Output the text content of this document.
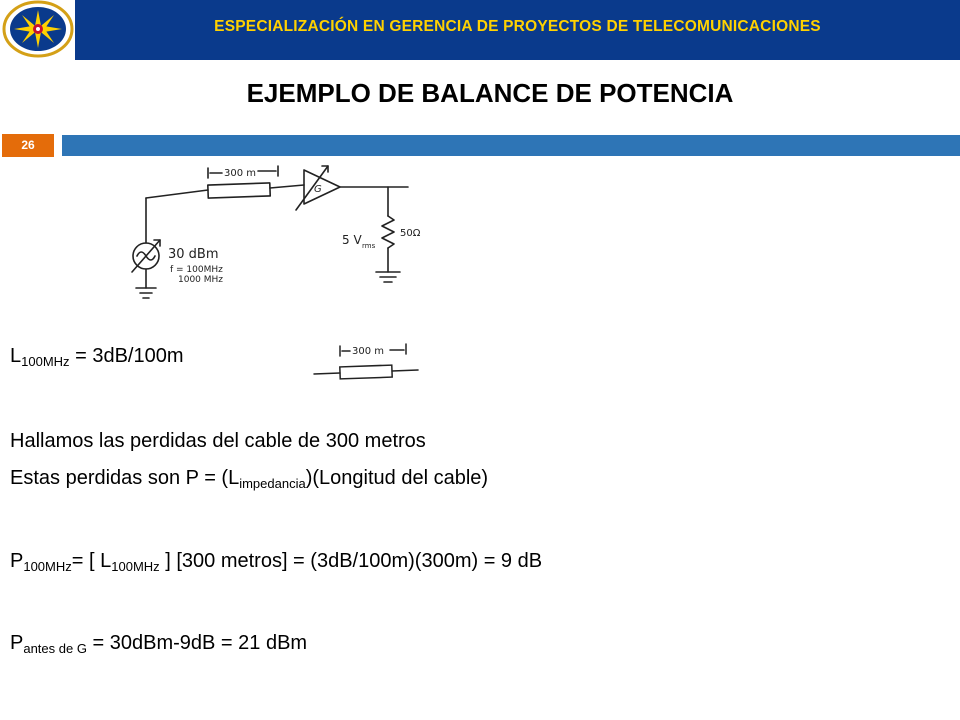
ESPECIALIZACIÓN EN GERENCIA DE PROYECTOS DE TELECOMUNICACIONES
EJEMPLO DE BALANCE DE POTENCIA
26
300 m
G
30 dBm
f = 100MHz
1000 MHz
5 V rms
50Ω
300 m
$L_{100MHz} = 3dB/100m$
Hallamos las perdidas del cable de 300 metros
Estas perdidas son $P = (L_{impedancia})(Longitud$ del cable)
$P_{100MHz}=$ [ $L_{100MHz}$ ] [300 metros] = (3dB/100m)(300m) = 9 dB
$P_{antes de G} = 30dBm-9dB = 21$ dBm
